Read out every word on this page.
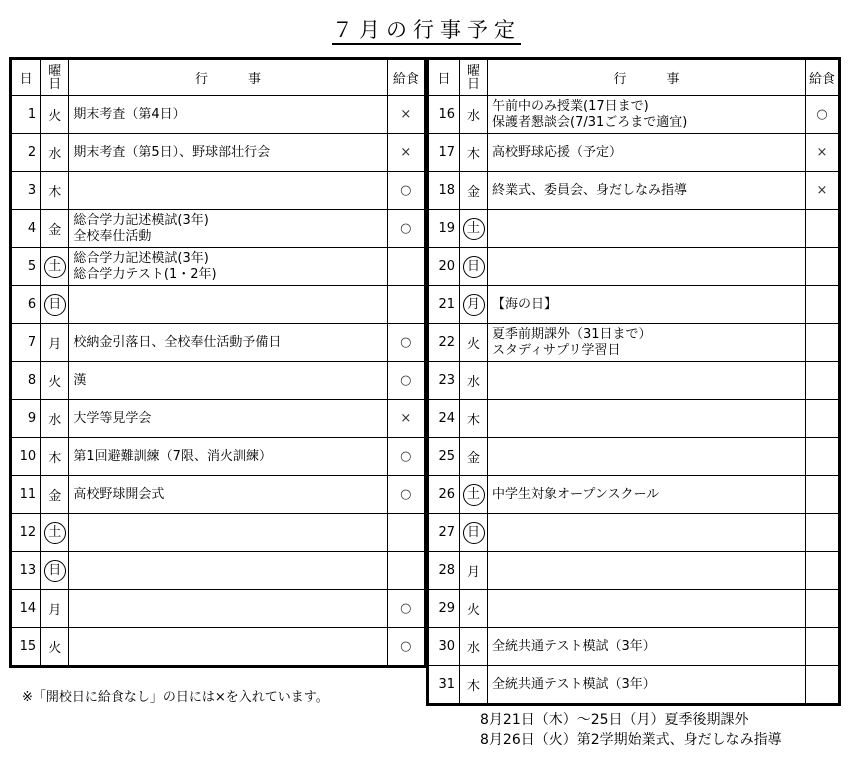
７月の行事予定
日	曜日	行事	給食
1	火	期末考査（第4日）	×
2	水	期末考査（第5日）、野球部壮行会	×
3	木		○
4	金	総合学力記述模試(3年)
全校奉仕活動	○
5	土	総合学力記述模試(3年)
総合学力テスト(1・2年)	

6	日		
7	月	校納金引落日、全校奉仕活動予備日	○
8	火	漢	○
9	水	大学等見学会	×
10	木	第1回避難訓練（7限、消火訓練）	○
11	金	高校野球開会式	○
12	土		
13	日		
14	月		○
15	火		○
日	曜日	行事	給食
16	水	午前中のみ授業(17日まで)
保護者懇談会(7/31ごろまで適宜)	○
17	木	高校野球応援（予定）	×
18	金	終業式、委員会、身だしなみ指導	×
19	土		
20	日		
21	月	【海の日】	

22	火	夏季前期課外（31日まで）
スタディサプリ学習日	

23	水		
24	木		
25	金		
26	土	中学生対象オープンスクール	

27	日		
28	月		
29	火		
30	水	全統共通テスト模試（3年）	

31	木	全統共通テスト模試（3年）	

※「開校日に給食なし」の日には×を入れています。
8月21日（木）～25日（月）夏季後期課外
8月26日（火）第2学期始業式、身だしなみ指導
